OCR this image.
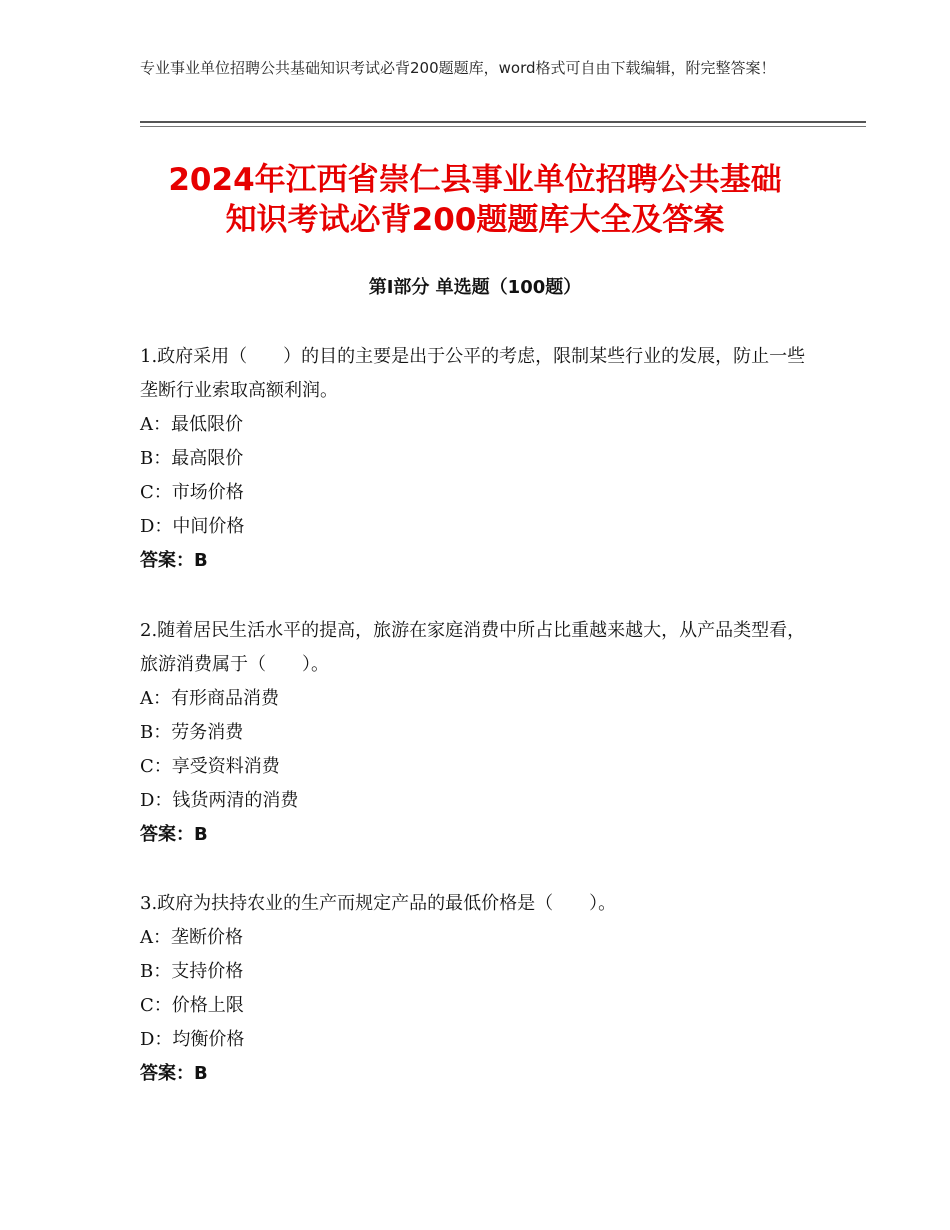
专业事业单位招聘公共基础知识考试必背200题题库，word格式可自由下载编辑，附完整答案！
2024年江西省崇仁县事业单位招聘公共基础
知识考试必背200题题库大全及答案
第Ⅰ部分 单选题（100题）
1.政府采用（　　）的目的主要是出于公平的考虑，限制某些行业的发展，防止一些垄断行业索取高额利润。
A：最低限价
B：最高限价
C：市场价格
D：中间价格
答案：B
2.随着居民生活水平的提高，旅游在家庭消费中所占比重越来越大，从产品类型看，旅游消费属于（　　）。
A：有形商品消费
B：劳务消费
C：享受资料消费
D：钱货两清的消费
答案：B
3.政府为扶持农业的生产而规定产品的最低价格是（　　）。
A：垄断价格
B：支持价格
C：价格上限
D：均衡价格
答案：B
